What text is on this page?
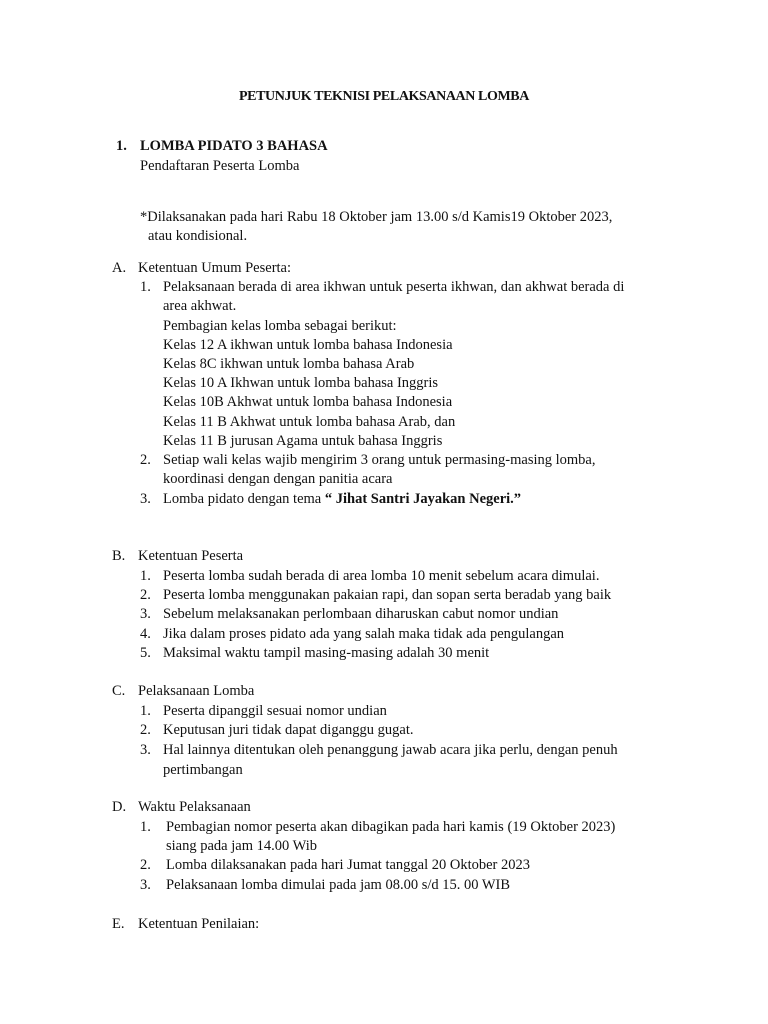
PETUNJUK TEKNISI PELAKSANAAN LOMBA
1. LOMBA PIDATO 3 BAHASA
Pendaftaran Peserta Lomba
*Dilaksanakan pada hari Rabu 18 Oktober jam 13.00 s/d Kamis19 Oktober 2023,
atau kondisional.
A. Ketentuan Umum Peserta:
1. Pelaksanaan berada di area ikhwan untuk peserta ikhwan, dan akhwat berada di
area akhwat.
Pembagian kelas lomba sebagai berikut:
Kelas 12 A ikhwan untuk lomba bahasa Indonesia
Kelas 8C ikhwan untuk lomba bahasa Arab
Kelas 10 A Ikhwan untuk lomba bahasa Inggris
Kelas 10B Akhwat untuk lomba bahasa Indonesia
Kelas 11 B Akhwat untuk lomba bahasa Arab, dan
Kelas 11 B jurusan Agama untuk bahasa Inggris
2. Setiap wali kelas wajib mengirim 3 orang untuk permasing-masing lomba,
koordinasi dengan dengan panitia acara
3. Lomba pidato dengan tema “ Jihat Santri Jayakan Negeri.”
B. Ketentuan Peserta
1. Peserta lomba sudah berada di area lomba 10 menit sebelum acara dimulai.
2. Peserta lomba menggunakan pakaian rapi, dan sopan serta beradab yang baik
3. Sebelum melaksanakan perlombaan diharuskan cabut nomor undian
4. Jika dalam proses pidato ada yang salah maka tidak ada pengulangan
5. Maksimal waktu tampil masing-masing adalah 30 menit
C. Pelaksanaan Lomba
1. Peserta dipanggil sesuai nomor undian
2. Keputusan juri tidak dapat diganggu gugat.
3. Hal lainnya ditentukan oleh penanggung jawab acara jika perlu, dengan penuh
pertimbangan
D. Waktu Pelaksanaan
1. Pembagian nomor peserta akan dibagikan pada hari kamis (19 Oktober 2023)
siang pada jam 14.00 Wib
2. Lomba dilaksanakan pada hari Jumat tanggal 20 Oktober 2023
3. Pelaksanaan lomba dimulai pada jam 08.00 s/d 15. 00 WIB
E. Ketentuan Penilaian:
